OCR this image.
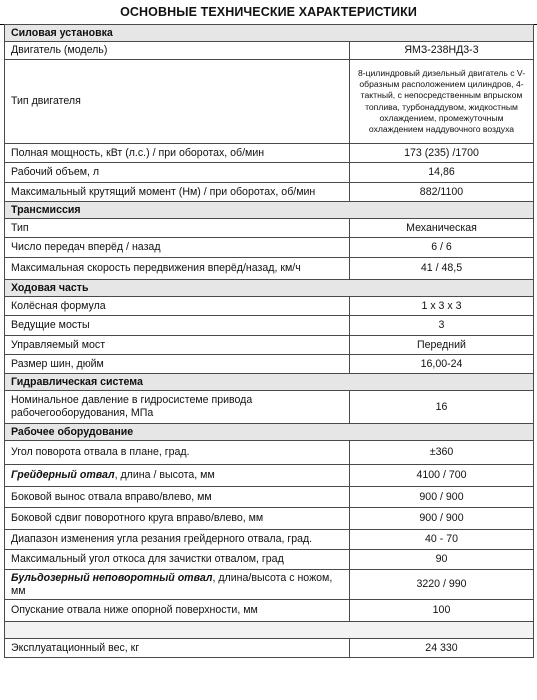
ОСНОВНЫЕ ТЕХНИЧЕСКИЕ ХАРАКТЕРИСТИКИ
Силовая установка	
Двигатель (модель)	ЯМЗ-238НД3-3
Тип двигателя	8-цилиндровый дизельный двигатель с V-образным расположением цилиндров, 4-тактный, с непосредственным впрыском топлива, турбонаддувом, жидкостным охлаждением, промежуточным охлаждением наддувочного воздуха
Полная мощность, кВт (л.с.) / при оборотах, об/мин	173 (235) /1700
Рабочий объем, л	14,86
Максимальный крутящий момент (Нм) / при оборотах, об/мин	882/1100
Трансмиссия	
Тип	Механическая
Число передач вперёд / назад	6 / 6
Максимальная скорость передвижения вперёд/назад, км/ч	41 / 48,5
Ходовая часть	
Колёсная формула	1 х 3 х 3
Ведущие мосты	3
Управляемый мост	Передний
Размер шин, дюйм	16,00-24
Гидравлическая система	
Номинальное давление в гидросистеме привода рабочегооборудования, МПа	16
Рабочее оборудование	
Угол поворота отвала в плане, град.	±360
Грейдерный отвал, длина / высота, мм	4100 / 700
Боковой вынос отвала вправо/влево, мм	900 / 900
Боковой сдвиг поворотного круга вправо/влево, мм	900 / 900
Диапазон изменения угла резания грейдерного отвала, град.	40 - 70
Максимальный угол откоса для зачистки отвалом, град	90
Бульдозерный неповоротный отвал, длина/высота с ножом, мм	3220 / 990
Опускание отвала ниже опорной поверхности, мм	100

Эксплуатационный вес, кг	24 330
